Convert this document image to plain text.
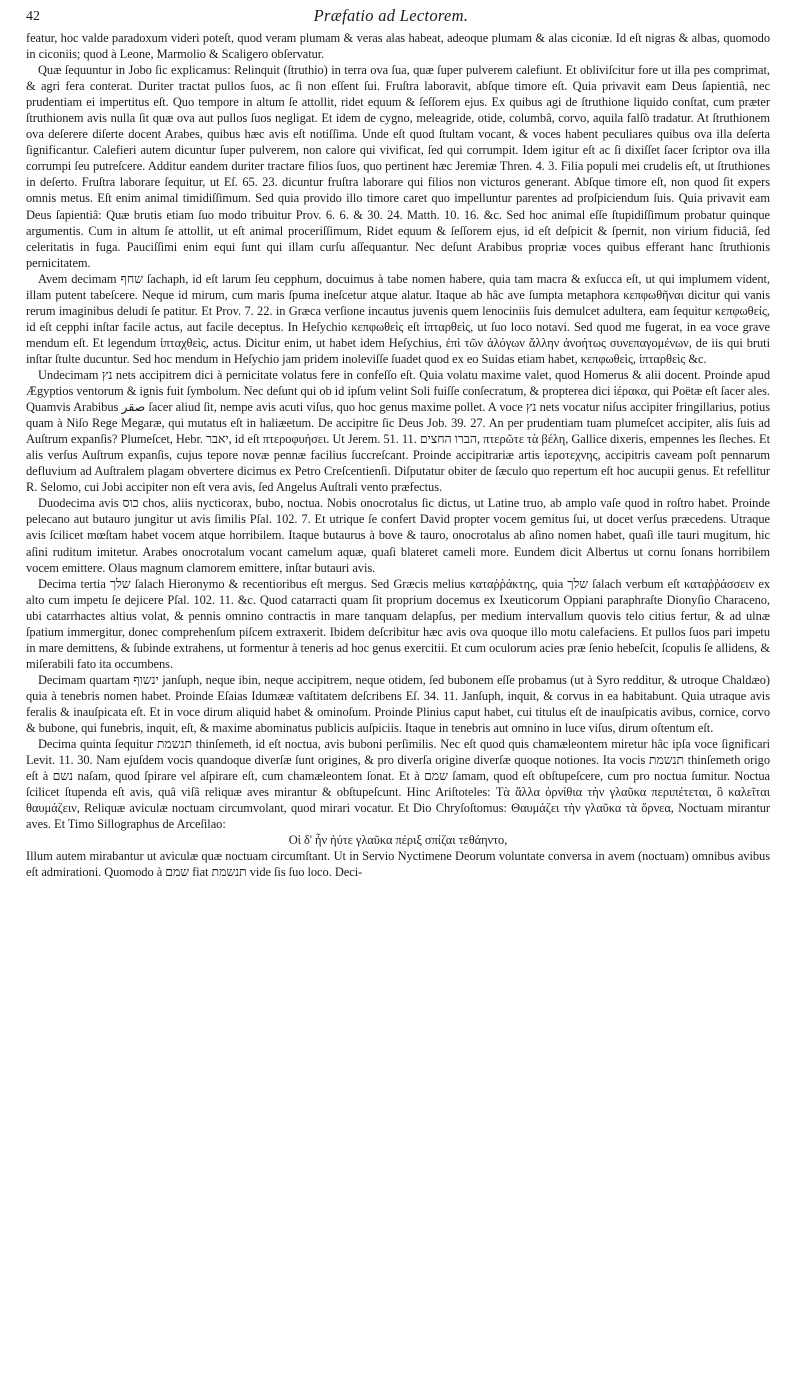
42	Præfatio ad Lectorem.

featur, hoc valde paradoxum videri poteſt, quod veram plumam & veras alas habeat, adeoque plumam & alas ciconiæ. Id eſt nigras & albas, quomodo in ciconiis; quod à Leone, Marmolio & Scaligero obſervatur.

Quæ ſequuntur in Jobo ſic explicamus: Relinquit (ſtruthio) in terra ova ſua, quæ ſuper pulverem calefiunt. Et obliviſcitur fore ut illa pes comprimat, & agri fera conterat. Duriter tractat pullos ſuos, ac ſi non eſſent ſui. Fruſtra laboravit, abſque timore eſt. Quia privavit eam Deus ſapientiâ, nec prudentiam ei impertitus eſt. Quo tempore in altum ſe attollit, ridet equum & ſeſſorem ejus. Ex quibus agi de ſtruthione liquido conſtat, cum præter ſtruthionem avis nulla ſit quæ ova aut pullos ſuos negligat. Et idem de cygno, meleagride, otide, columbâ, corvo, aquila falſò tradatur. At ſtruthionem ova deſerere diſerte docent Arabes, quibus hæc avis eſt notiſſima. Unde eſt quod ſtultam vocant, & voces habent peculiares quibus ova illa deſerta ſignificantur. Calefieri autem dicuntur ſuper pulverem, non calore qui vivificat, ſed qui corrumpit. Idem igitur eſt ac ſi dixiſſet ſacer ſcriptor ova illa corrumpi ſeu putreſcere. Additur eandem duriter tractare filios ſuos, quo pertinent hæc Jeremiæ Thren. 4. 3. Filia populi mei crudelis eſt, ut ſtruthiones in deſerto. Fruſtra laborare ſequitur, ut Eſ. 65. 23. dicuntur fruſtra laborare qui filios non victuros generant. Abſque timore eſt, non quod ſit expers omnis metus. Eſt enim animal timidiſſimum. Sed quia provido illo timore caret quo impelluntur parentes ad proſpiciendum ſuis. Quia privavit eam Deus ſapientiâ: Quæ brutis etiam ſuo modo tribuitur Prov. 6. 6. & 30. 24. Matth. 10. 16. &c. Sed hoc animal eſſe ſtupidiſſimum probatur quinque argumentis. Cum in altum ſe attollit, ut eſt animal proceriſſimum, Ridet equum & ſeſſorem ejus, id eſt deſpicit & ſpernit, non virium fiduciâ, ſed celeritatis in fuga. Pauciſſimi enim equi ſunt qui illam curſu aſſequantur. Nec deſunt Arabibus propriæ voces quibus efferant hanc ſtruthionis pernicitatem.

Avem decimam שחף ſachaph, id eſt larum ſeu cepphum, docuimus à tabe nomen habere, quia tam macra & exſucca eſt, ut qui implumem vident, illam putent tabeſcere. Neque id mirum, cum maris ſpuma ineſcetur atque alatur. Itaque ab hâc ave ſumpta metaphora κεπφωθῆναι dicitur qui vanis rerum imaginibus deludi ſe patitur. Et Prov. 7. 22. in Græca verſione incautus juvenis quem lenociniis ſuis demulcet adultera, eam ſequitur κεπφωθείς, id eſt cepphi inſtar facile actus, aut facile deceptus. In Heſychio κεπφωθεὶς eſt ἱπταρθεὶς, ut ſuo loco notavi. Sed quod me fugerat, in ea voce grave mendum eſt. Et legendum ἱπταχθεὶς, actus. Dicitur enim, ut habet idem Heſychius, ἐπὶ τῶν ἀλόγων ἄλλην ἀνοήτως συνεπαγομένων, de iis qui bruti inſtar ſtulte ducuntur. Sed hoc mendum in Heſychio jam pridem inoleviſſe ſuadet quod ex eo Suidas etiam habet, κεπφωθεὶς, ἱπταρθεὶς &c.

Undecimam נץ nets accipitrem dici à pernicitate volatus fere in confeſſo eſt. Quia volatu maxime valet, quod Homerus & alii docent. Proinde apud Ægyptios ventorum & ignis fuit ſymbolum. Nec deſunt qui ob id ipſum velint Soli fuiſſe conſecratum, & propterea dici ἱέρακα, qui Poëtæ eſt ſacer ales. Quamvis Arabibus صقر ſacer aliud ſit, nempe avis acuti viſus, quo hoc genus maxime pollet. A voce נץ nets vocatur niſus accipiter fringillarius, potius quam à Niſo Rege Megaræ, qui mutatus eſt in haliæetum. De accipitre ſic Deus Job. 39. 27. An per prudentiam tuam plumeſcet accipiter, alis ſuis ad Auſtrum expanſis? Plumeſcet, Hebr. יאבר, id eſt πτεροφυήσει. Ut Jerem. 51. 11. הברו החצים, πτερῶτε τὰ βέλη, Gallice dixeris, empennes les ſleches. Et alis verſus Auſtrum expanſis, cujus tepore novæ pennæ facilius ſuccreſcant. Proinde accipitrariæ artis ἱεροτεχνης, accipitris caveam poſt pennarum defluvium ad Auſtralem plagam obvertere dicimus ex Petro Creſcentienſi. Diſputatur obiter de ſæculo quo repertum eſt hoc aucupii genus. Et refellitur R. Selomo, cui Jobi accipiter non eſt vera avis, ſed Angelus Auſtrali vento præfectus.

Duodecima avis כוס chos, aliis nycticorax, bubo, noctua. Nobis onocrotalus ſic dictus, ut Latine truo, ab amplo vaſe quod in roſtro habet. Proinde pelecano aut butauro jungitur ut avis ſimilis Pſal. 102. 7. Et utrique ſe confert David propter vocem gemitus ſui, ut docet verſus præcedens. Utraque avis ſcilicet mœſtam habet vocem atque horribilem. Itaque butaurus à bove & tauro, onocrotalus ab aſino nomen habet, quaſi ille tauri mugitum, hic aſini ruditum imitetur. Arabes onocrotalum vocant camelum aquæ, quaſi blateret cameli more. Eundem dicit Albertus ut cornu ſonans horribilem vocem emittere. Olaus magnum clamorem emittere, inſtar butauri avis.

Decima tertia שלך ſalach Hieronymo & recentioribus eſt mergus. Sed Græcis melius καταῤῥάκτης, quia שלך ſalach verbum eſt καταῤῥάσσειν ex alto cum impetu ſe dejicere Pſal. 102. 11. &c. Quod catarracti quam ſit proprium docemus ex Ixeuticorum Oppiani paraphraſte Dionyſio Characeno, ubi catarrhactes altius volat, & pennis omnino contractis in mare tanquam delapſus, per medium intervallum quovis telo citius fertur, & ad ulnæ ſpatium immergitur, donec comprehenſum piſcem extraxerit. Ibidem deſcribitur hæc avis ova quoque illo motu calefaciens. Et pullos ſuos pari impetu in mare demittens, & ſubinde extrahens, ut formentur à teneris ad hoc genus exercitii. Et cum oculorum acies præ ſenio hebeſcit, ſcopulis ſe allidens, & miſerabili fato ita occumbens.

Decimam quartam ינשוף janſuph, neque ibin, neque accipitrem, neque otidem, ſed bubonem eſſe probamus (ut à Syro redditur, & utroque Chaldæo) quia à tenebris nomen habet. Proinde Eſaias Idumææ vaſtitatem deſcribens Eſ. 34. 11. Janſuph, inquit, & corvus in ea habitabunt. Quia utraque avis feralis & inauſpicata eſt. Et in voce dirum aliquid habet & ominoſum. Proinde Plinius caput habet, cui titulus eſt de inauſpicatis avibus, cornice, corvo & bubone, qui funebris, inquit, eſt, & maxime abominatus publicis auſpiciis. Itaque in tenebris aut omnino in luce viſus, dirum oſtentum eſt.

Decima quinta ſequitur תנשמת thinſemeth, id eſt noctua, avis buboni perſimilis. Nec eſt quod quis chamæleontem miretur hâc ipſa voce ſignificari Levit. 11. 30. Nam ejuſdem vocis quandoque diverſæ ſunt origines, & pro diverſa origine diverſæ quoque notiones. Ita vocis תנשמת thinſemeth origo eſt à נשם naſam, quod ſpirare vel aſpirare eſt, cum chamæleontem ſonat. Et à שמם ſamam, quod eſt obſtupeſcere, cum pro noctua ſumitur. Noctua ſcilicet ſtupenda eſt avis, quâ viſâ reliquæ aves mirantur & obſtupeſcunt. Hinc Ariſtoteles: Τὰ ἄλλα ὀρνίθια τὴν γλαῦκα περιπέτεται, ὃ καλεῖται θαυμάζειν, Reliquæ aviculæ noctuam circumvolant, quod mirari vocatur. Et Dio Chryſoſtomus: Θαυμάζει τὴν γλαῦκα τὰ ὄρνεα, Noctuam mirantur aves. Et Timo Sillographus de Arceſilao:

Οἱ δ' ἦν ἠύτε γλαῦκα πέριξ σπίζαι τεθάηντο,

Illum autem mirabantur ut aviculæ quæ noctuam circumſtant. Ut in Servio Nyctimene Deorum voluntate conversa in avem (noctuam) omnibus avibus eſt admirationi. Quomodo à שמם fiat תנשמת vide ſis ſuo loco. Deci-
